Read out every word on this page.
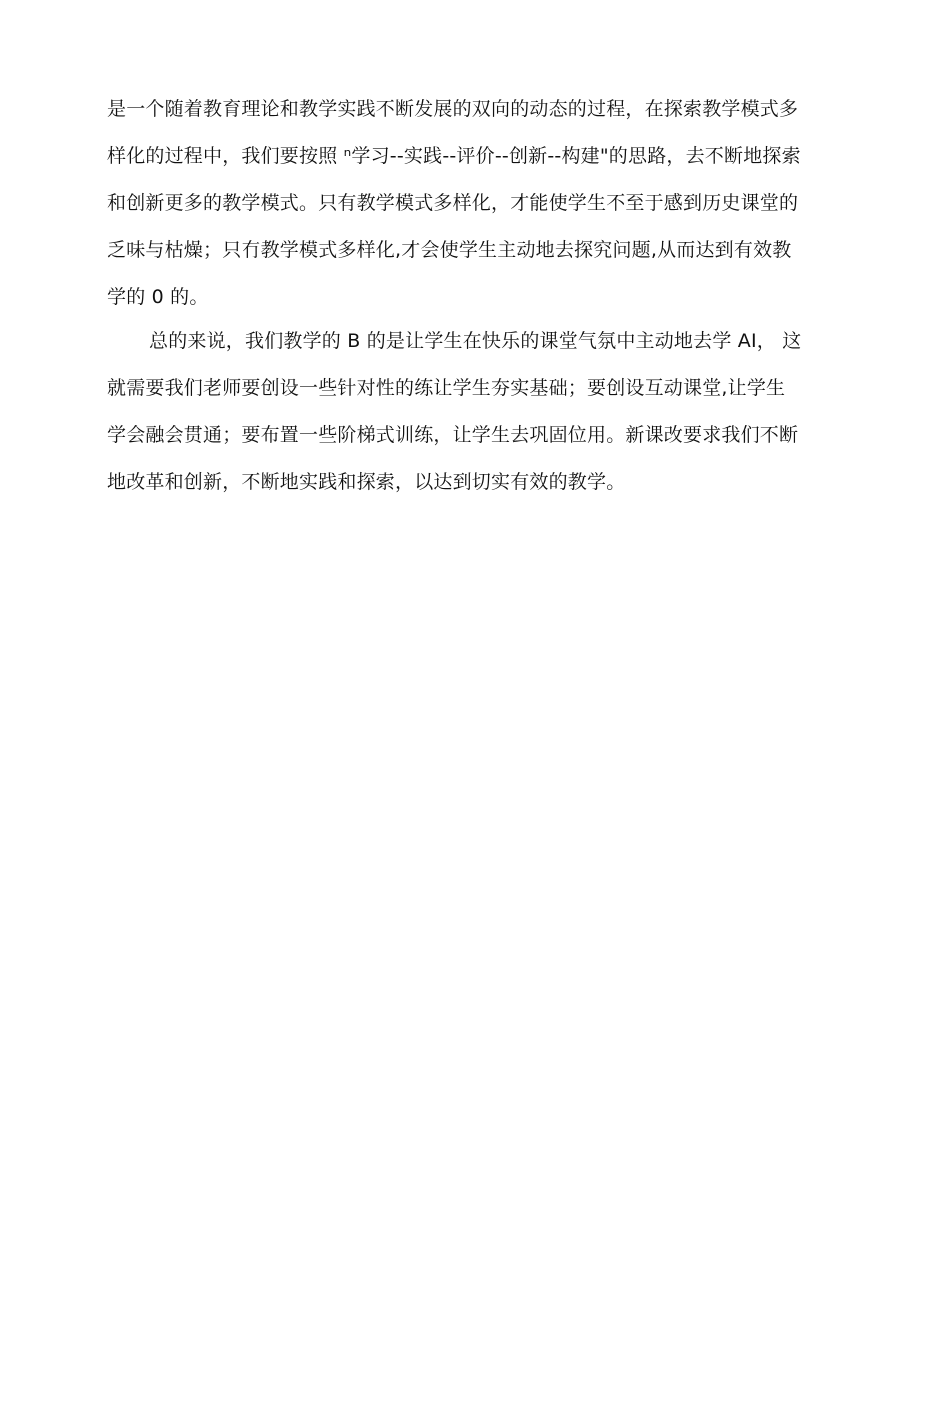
是一个随着教育理论和教学实践不断发展的双向的动态的过程，在探索教学模式多
样化的过程中，我们要按照 ⁿ学习--实践--评价--创新--构建"的思路，去不断地探索
和创新更多的教学模式。只有教学模式多样化，才能使学生不至于感到历史课堂的
乏味与枯燥；只冇教学模式多样化,才会使学生主动地去探究问题,从而达到有效教
学的 0 的。
总的来说，我们教学的 B 的是让学生在快乐的课堂气氛中主动地去学 AI， 这
就需要我们老师要创设一些针对性的练让学生夯实基础；要创设互动课堂,让学生
学会融会贯通；要布置一些阶梯式训练，让学生去巩固位用。新课改要求我们不断
地改革和创新，不断地实践和探索，以达到切实有效的教学。
